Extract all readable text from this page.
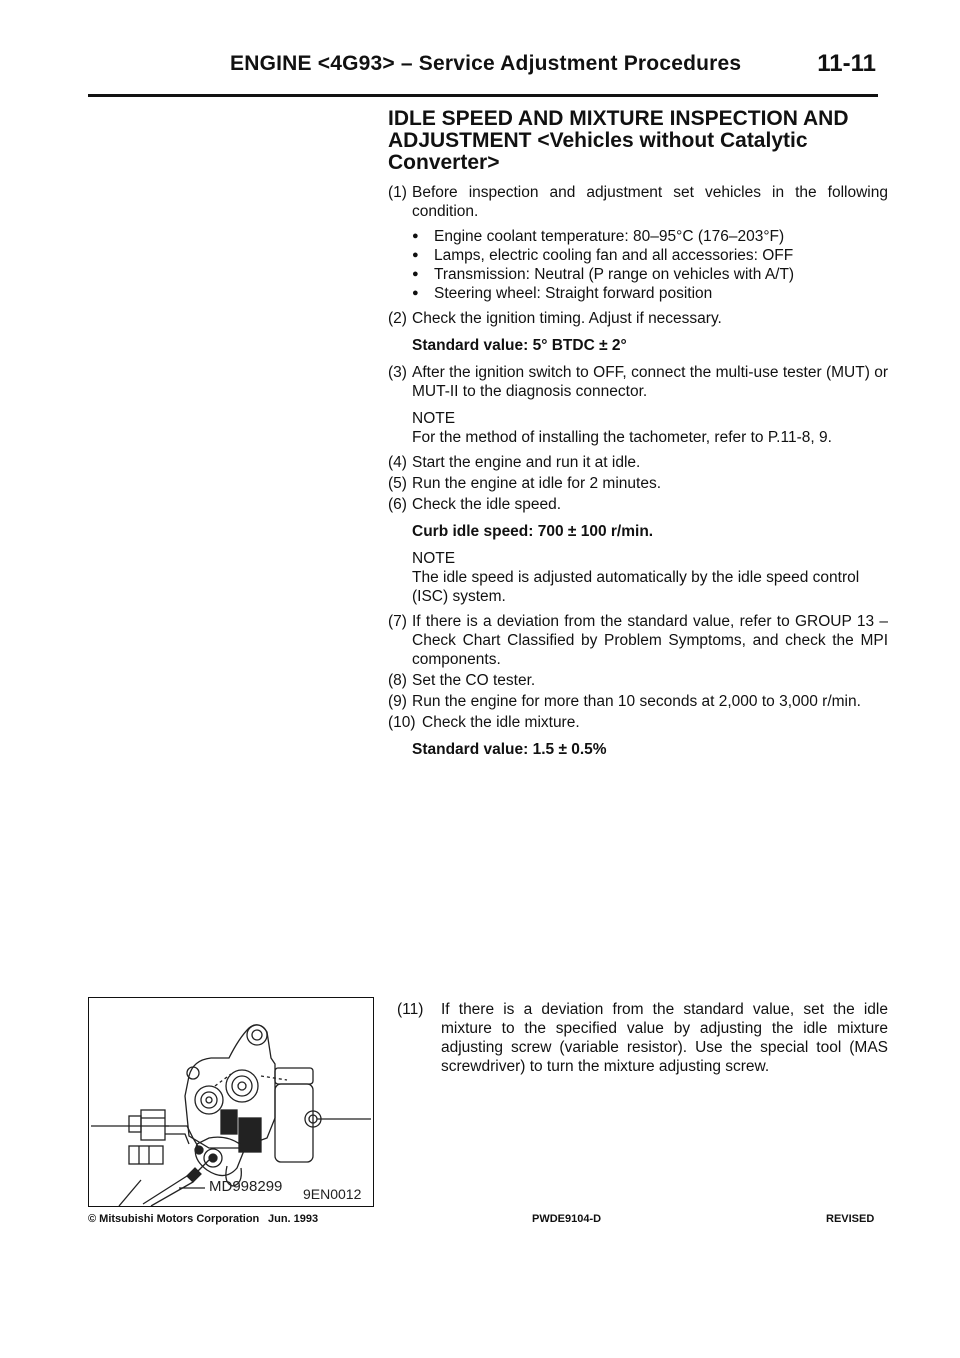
ENGINE <4G93> – Service Adjustment Procedures	11-11
IDLE SPEED AND MIXTURE INSPECTION AND ADJUSTMENT <Vehicles without Catalytic Converter>
(1) Before inspection and adjustment set vehicles in the following condition.
● Engine coolant temperature: 80–95°C (176–203°F)
● Lamps, electric cooling fan and all accessories: OFF
● Transmission: Neutral (P range on vehicles with A/T)
● Steering wheel: Straight forward position
(2) Check the ignition timing. Adjust if necessary.
Standard value: 5° BTDC ± 2°
(3) After the ignition switch to OFF, connect the multi-use tester (MUT) or MUT-II to the diagnosis connector.
NOTE
For the method of installing the tachometer, refer to P.11-8, 9.
(4) Start the engine and run it at idle.
(5) Run the engine at idle for 2 minutes.
(6) Check the idle speed.
Curb idle speed: 700 ± 100 r/min.
NOTE
The idle speed is adjusted automatically by the idle speed control (ISC) system.
(7) If there is a deviation from the standard value, refer to GROUP 13 – Check Chart Classified by Problem Symptoms, and check the MPI components.
(8) Set the CO tester.
(9) Run the engine for more than 10 seconds at 2,000 to 3,000 r/min.
(10) Check the idle mixture.
Standard value: 1.5 ± 0.5%
MD998299 9EN0012
(11)	If there is a deviation from the standard value, set the idle mixture to the specified value by adjusting the idle mixture adjusting screw (variable resistor). Use the special tool (MAS screwdriver) to turn the mixture adjusting screw.
© Mitsubishi Motors Corporation Jun. 1993	PWDE9104-D	REVISED
